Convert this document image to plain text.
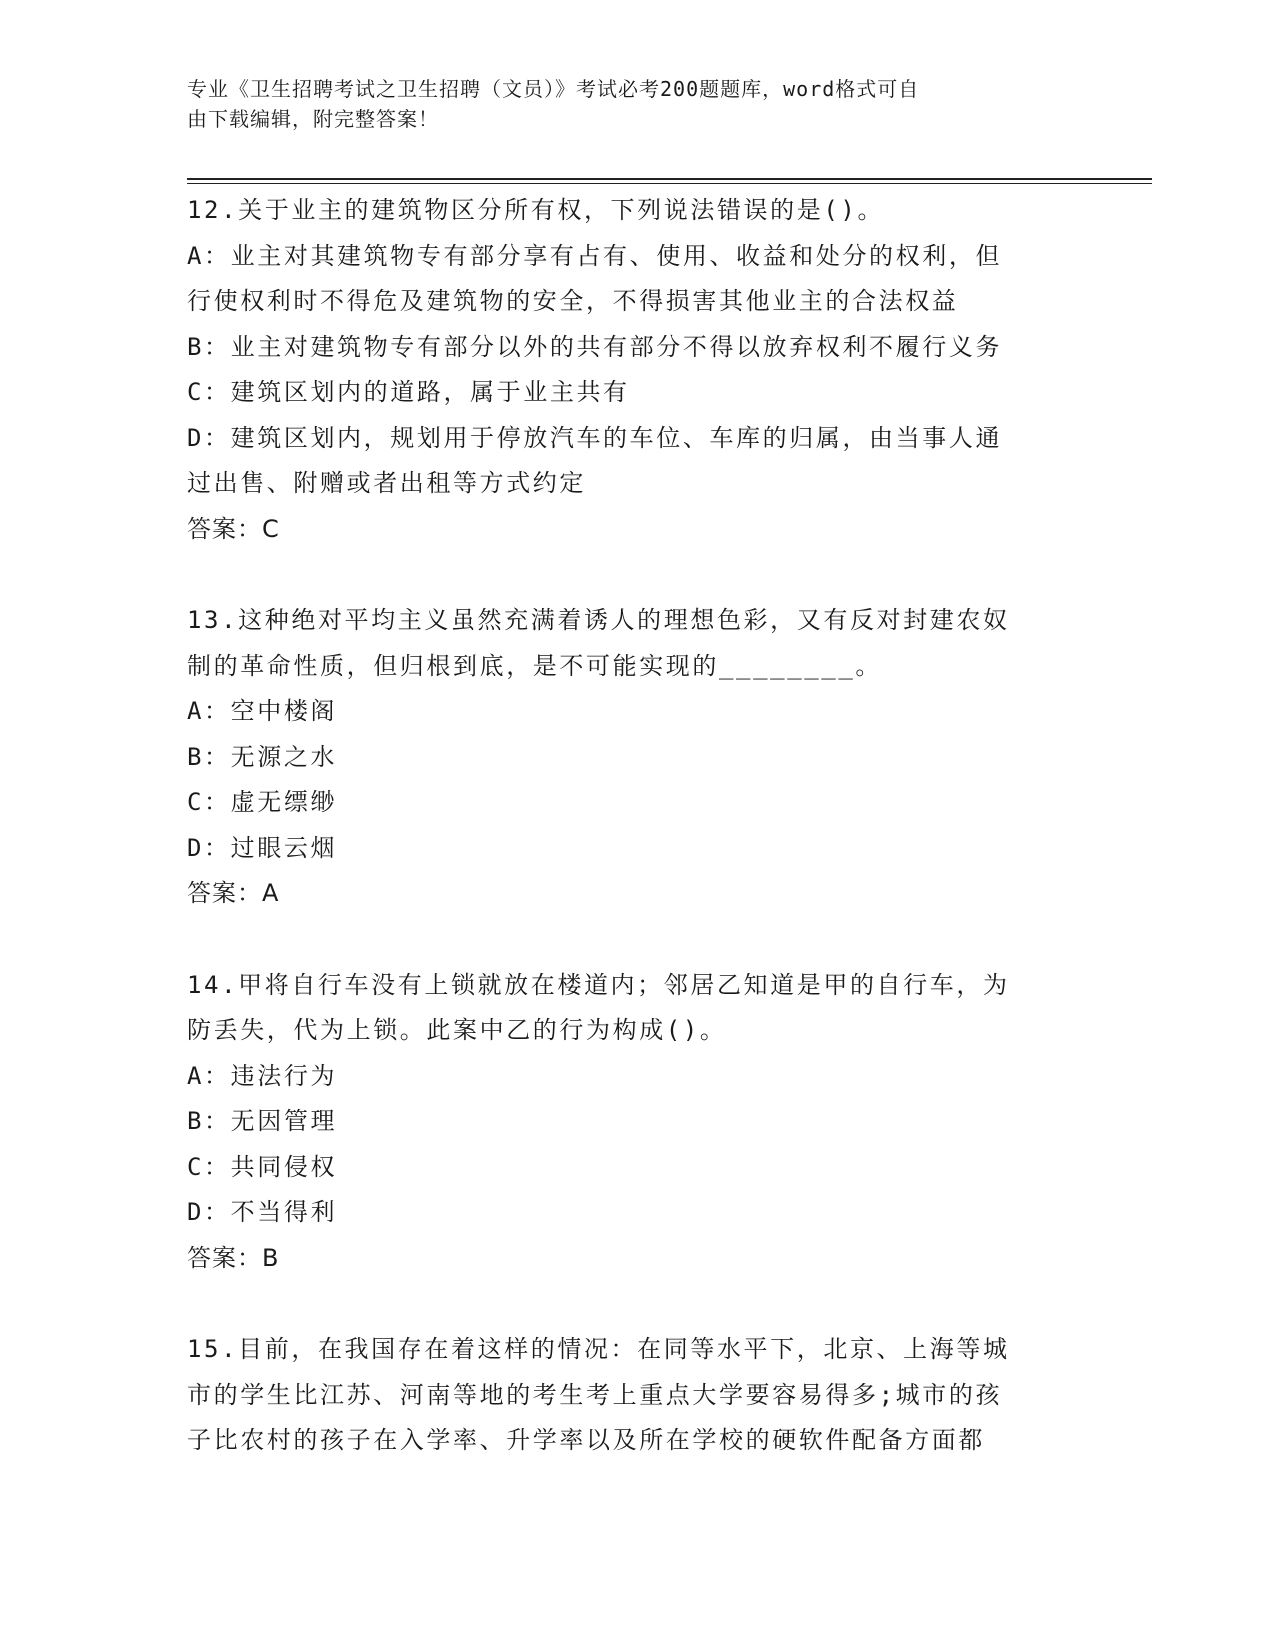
专业《卫生招聘考试之卫生招聘（文员）》考试必考200题题库，word格式可自
由下载编辑，附完整答案！
12.关于业主的建筑物区分所有权，下列说法错误的是()。
A：业主对其建筑物专有部分享有占有、使用、收益和处分的权利，但
行使权利时不得危及建筑物的安全，不得损害其他业主的合法权益
B：业主对建筑物专有部分以外的共有部分不得以放弃权利不履行义务
C：建筑区划内的道路，属于业主共有
D：建筑区划内，规划用于停放汽车的车位、车库的归属，由当事人通
过出售、附赠或者出租等方式约定
答案：C
13.这种绝对平均主义虽然充满着诱人的理想色彩，又有反对封建农奴
制的革命性质，但归根到底，是不可能实现的________。
A：空中楼阁
B：无源之水
C：虚无缥缈
D：过眼云烟
答案：A
14.甲将自行车没有上锁就放在楼道内；邻居乙知道是甲的自行车，为
防丢失，代为上锁。此案中乙的行为构成()。
A：违法行为
B：无因管理
C：共同侵权
D：不当得利
答案：B
15.目前，在我国存在着这样的情况：在同等水平下，北京、上海等城
市的学生比江苏、河南等地的考生考上重点大学要容易得多;城市的孩
子比农村的孩子在入学率、升学率以及所在学校的硬软件配备方面都
